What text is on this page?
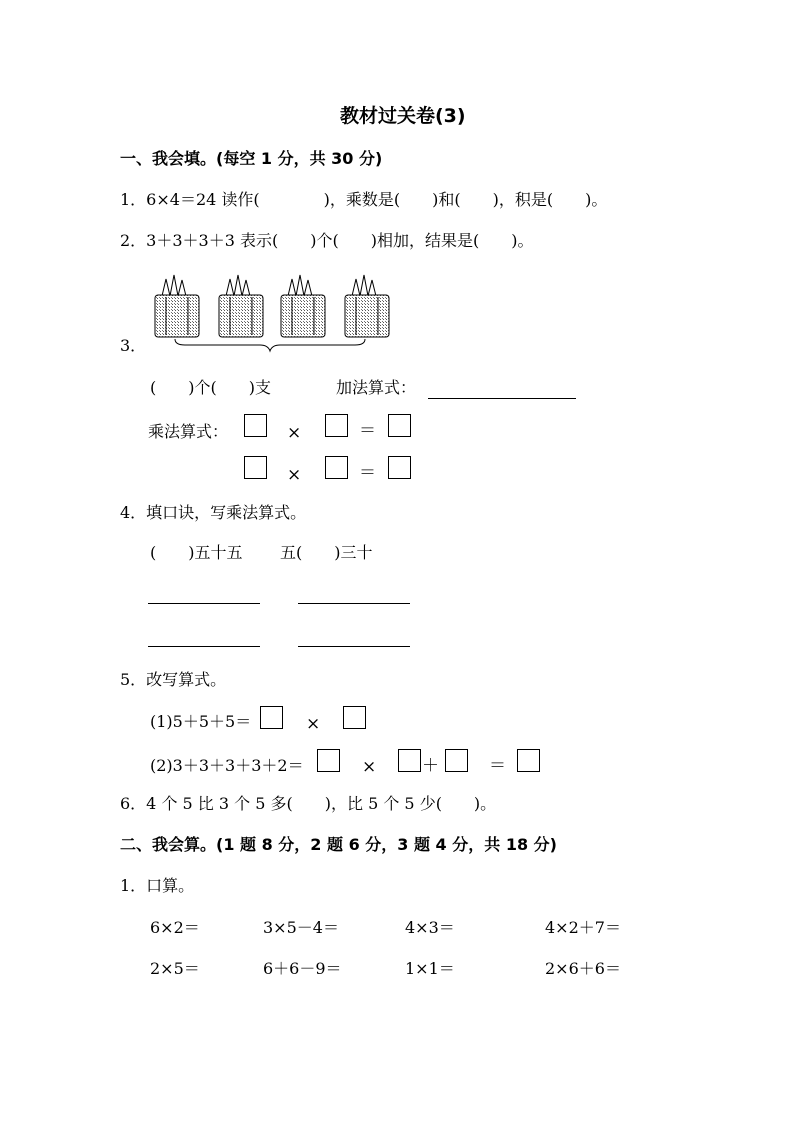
教材过关卷(3)
一、我会填。(每空 1 分，共 30 分)
1．6×4＝24 读作(　　　　)，乘数是(　　)和(　　)，积是(　　)。
2．3＋3＋3＋3 表示(　　)个(　　)相加，结果是(　　)。
3．
(　　)个(　　)支	加法算式：
乘法算式：	×	＝
×	＝
4．填口诀，写乘法算式。
(　　)五十五 五(　　)三十
5．改写算式。
(1)5＋5＋5＝	×
(2)3＋3＋3＋3＋2＝	×	＋	＝
6．4 个 5 比 3 个 5 多(　　)，比 5 个 5 少(　　)。
二、我会算。(1 题 8 分，2 题 6 分，3 题 4 分，共 18 分)
1．口算。
6×2＝	3×5－4＝	4×3＝	4×2＋7＝
2×5＝	6＋6－9＝	1×1＝	2×6＋6＝
